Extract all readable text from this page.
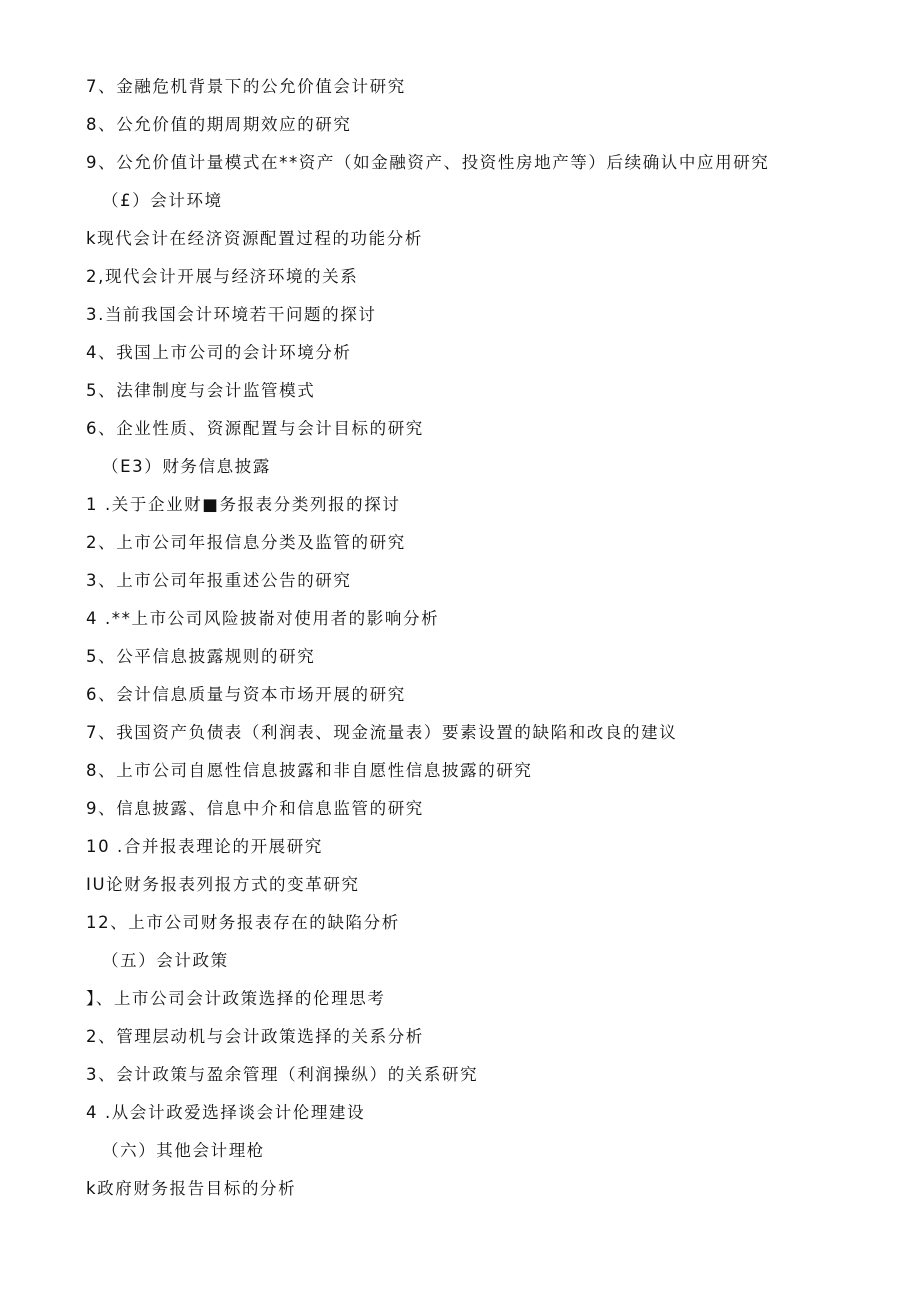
7、金融危机背景下的公允价值会计研究
8、公允价值的期周期效应的研究
9、公允价值计量模式在**资产（如金融资产、投资性房地产等）后续确认中应用研究
（£）会计环境
k现代会计在经济资源配置过程的功能分析
2,现代会计开展与经济环境的关系
3.当前我国会计环境若干问题的探讨
4、我国上市公司的会计环境分析
5、法律制度与会计监管模式
6、企业性质、资源配置与会计目标的研究
（E3）财务信息披露
1 .关于企业财■务报表分类列报的探讨
2、上市公司年报信息分类及监管的研究
3、上市公司年报重述公告的研究
4 .**上市公司风险披嵛对使用者的影响分析
5、公平信息披露规则的研究
6、会计信息质量与资本市场开展的研究
7、我国资产负债表（利润表、现金流量表）要素设置的缺陷和改良的建议
8、上市公司自愿性信息披露和非自愿性信息披露的研究
9、信息披露、信息中介和信息监管的研究
10 .合并报表理论的开展研究
IU论财务报表列报方式的变革研究
12、上市公司财务报表存在的缺陷分析
（五）会计政策
】、上市公司会计政策选择的伦理思考
2、管理层动机与会计政策选择的关系分析
3、会计政策与盈余管理（利润操纵）的关系研究
4 .从会计政爱选择谈会计伦理建设
（六）其他会计理枪
k政府财务报告目标的分析
